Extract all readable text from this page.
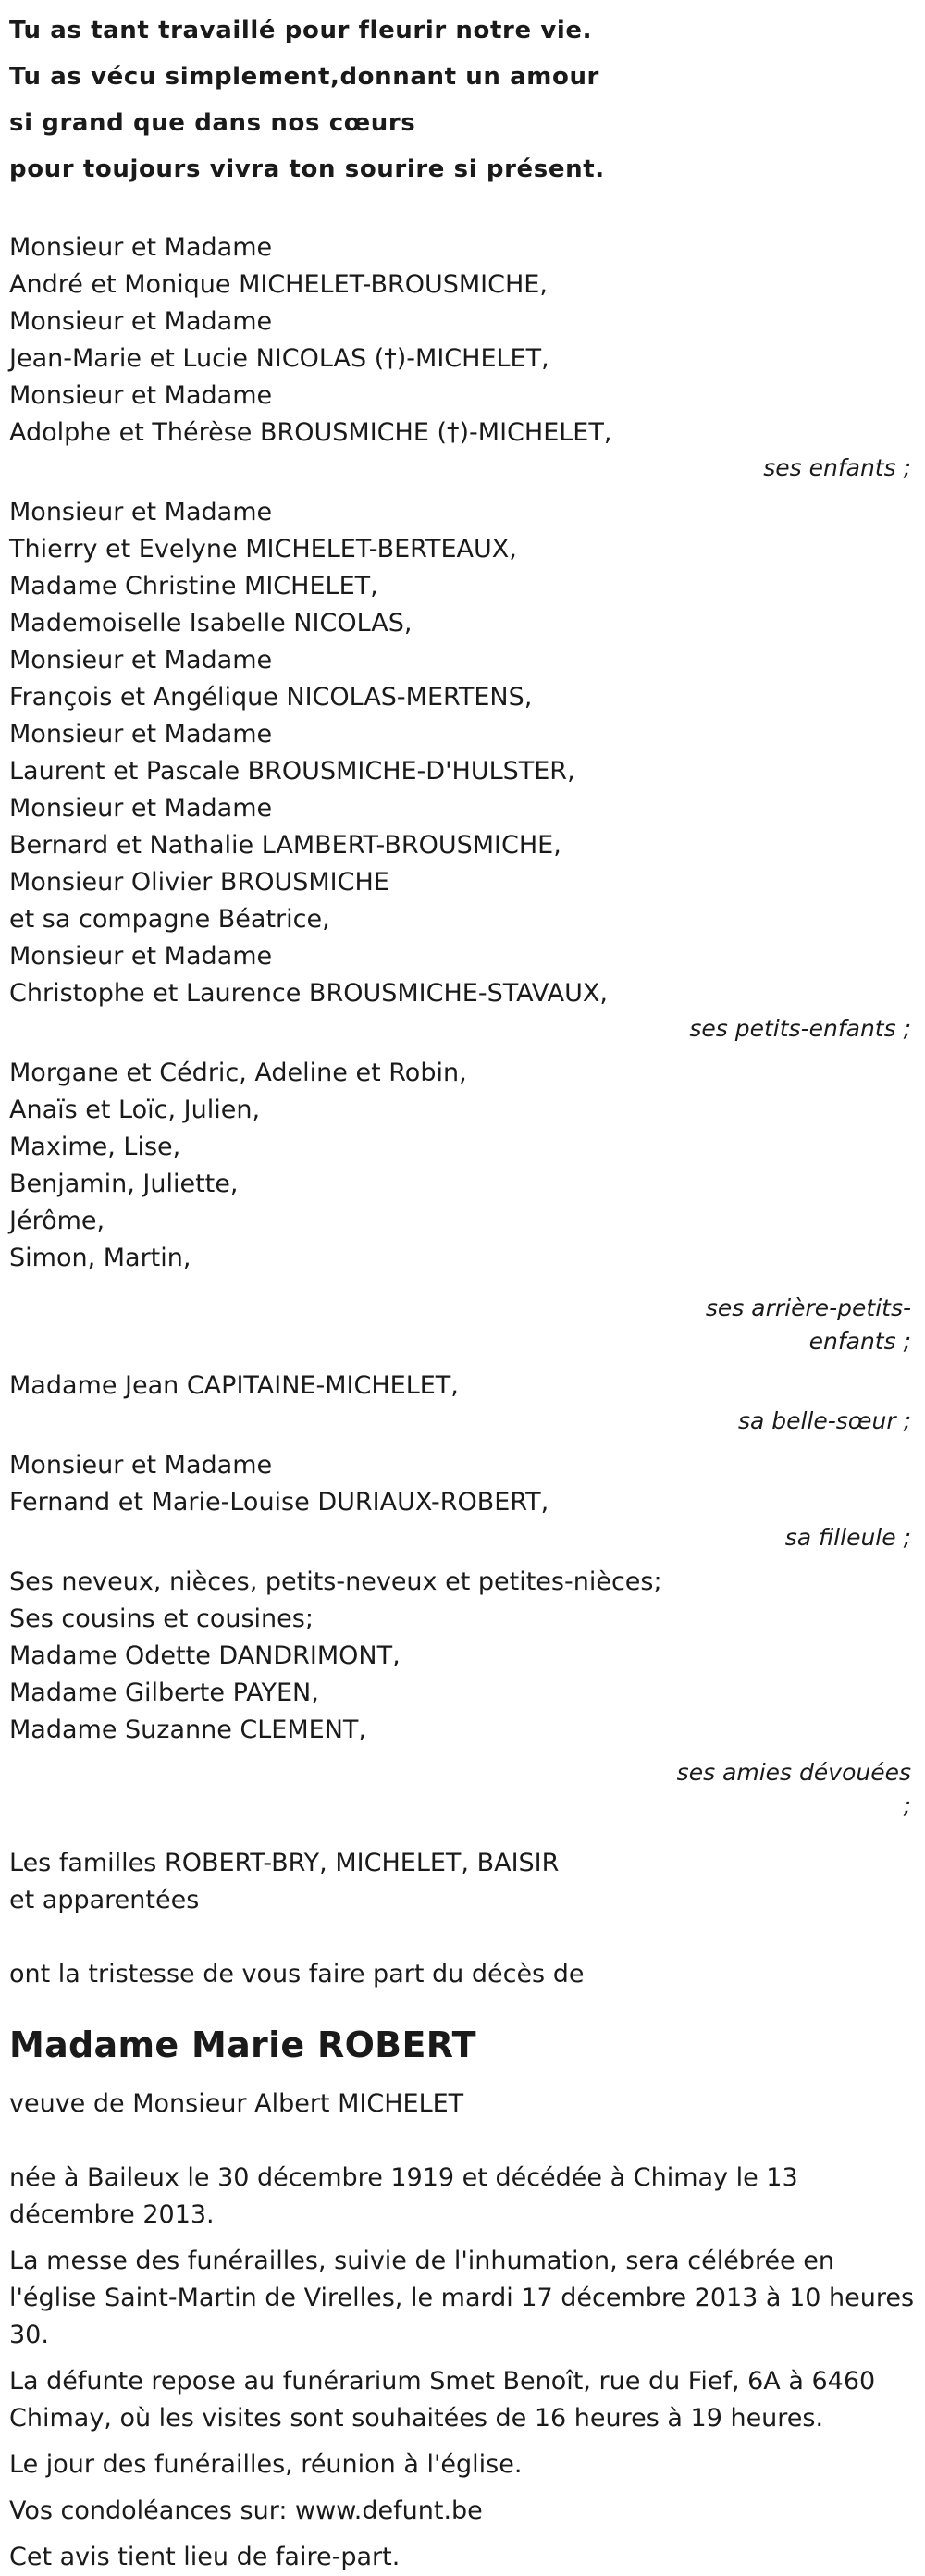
Tu as tant travaillé pour fleurir notre vie.
Tu as vécu simplement,donnant un amour
si grand que dans nos cœurs
pour toujours vivra ton sourire si présent.
Monsieur et Madame
André et Monique MICHELET-BROUSMICHE,
Monsieur et Madame
Jean-Marie et Lucie NICOLAS (†)-MICHELET,
Monsieur et Madame
Adolphe et Thérèse BROUSMICHE (†)-MICHELET,
ses enfants ;
Monsieur et Madame
Thierry et Evelyne MICHELET-BERTEAUX,
Madame Christine MICHELET,
Mademoiselle Isabelle NICOLAS,
Monsieur et Madame
François et Angélique NICOLAS-MERTENS,
Monsieur et Madame
Laurent et Pascale BROUSMICHE-D'HULSTER,
Monsieur et Madame
Bernard et Nathalie LAMBERT-BROUSMICHE,
Monsieur Olivier BROUSMICHE
et sa compagne Béatrice,
Monsieur et Madame
Christophe et Laurence BROUSMICHE-STAVAUX,
ses petits-enfants ;
Morgane et Cédric, Adeline et Robin,
Anaïs et Loïc, Julien,
Maxime, Lise,
Benjamin, Juliette,
Jérôme,
Simon, Martin,
ses arrière-petits-
enfants ;
Madame Jean CAPITAINE-MICHELET,
sa belle-sœur ;
Monsieur et Madame
Fernand et Marie-Louise DURIAUX-ROBERT,
sa filleule ;
Ses neveux, nièces, petits-neveux et petites-nièces;
Ses cousins et cousines;
Madame Odette DANDRIMONT,
Madame Gilberte PAYEN,
Madame Suzanne CLEMENT,
ses amies dévouées
;
Les familles ROBERT-BRY, MICHELET, BAISIR
et apparentées
ont la tristesse de vous faire part du décès de
Madame Marie ROBERT
veuve de Monsieur Albert MICHELET
née à Baileux le 30 décembre 1919 et décédée à Chimay le 13 décembre 2013.
La messe des funérailles, suivie de l'inhumation, sera célébrée en l'église Saint-Martin de Virelles, le mardi 17 décembre 2013 à 10 heures 30.
La défunte repose au funérarium Smet Benoît, rue du Fief, 6A à 6460 Chimay, où les visites sont souhaitées de 16 heures à 19 heures.
Le jour des funérailles, réunion à l'église.
Vos condoléances sur: www.defunt.be
Cet avis tient lieu de faire-part.
